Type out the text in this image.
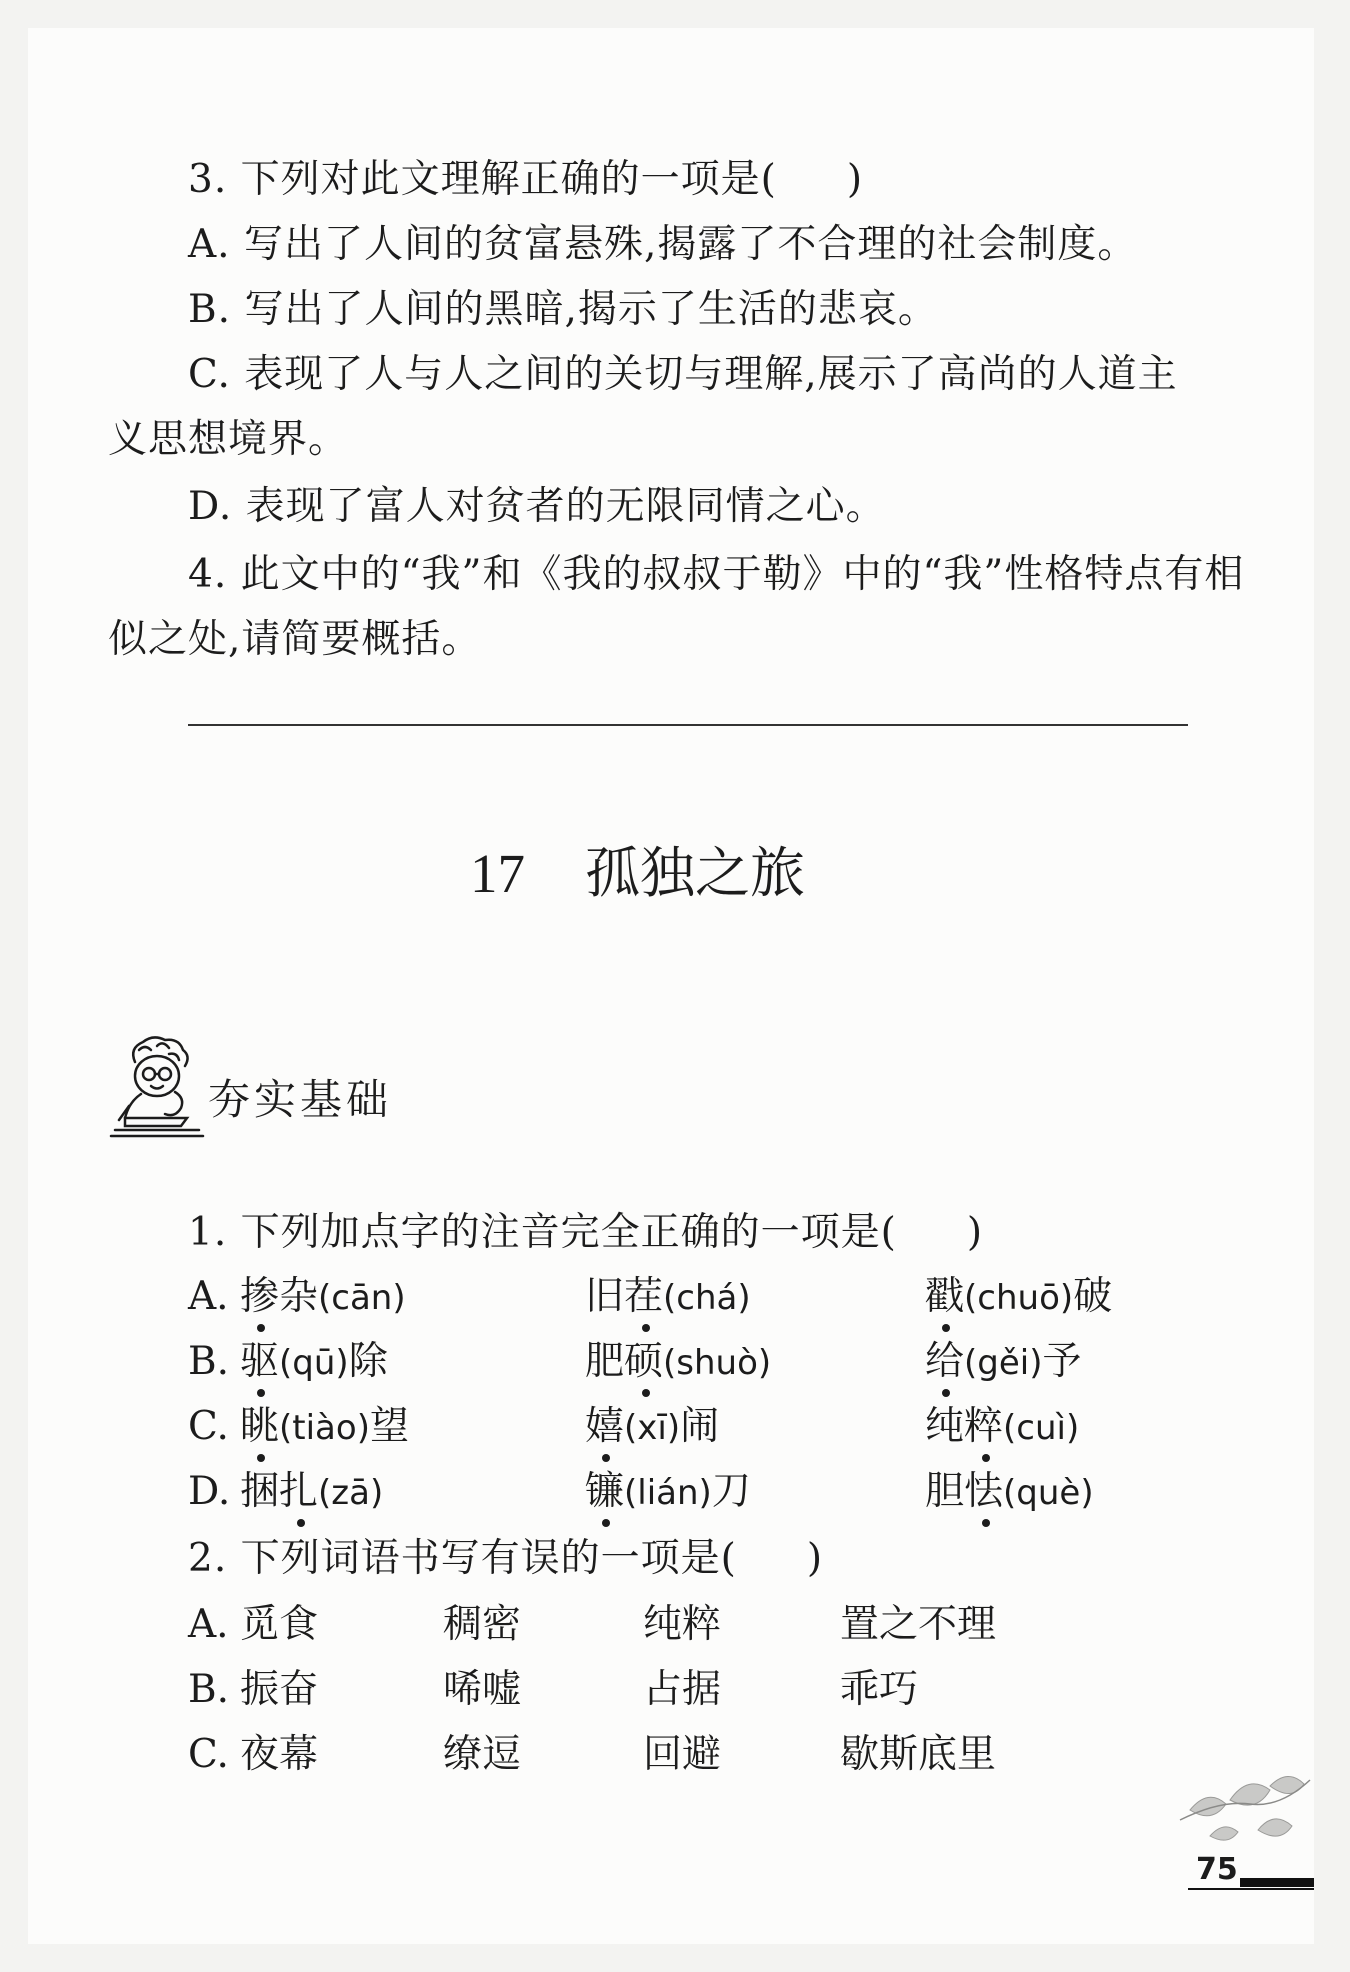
3. 下列对此文理解正确的一项是( )
A. 写出了人间的贫富悬殊,揭露了不合理的社会制度。
B. 写出了人间的黑暗,揭示了生活的悲哀。
C. 表现了人与人之间的关切与理解,展示了高尚的人道主
义思想境界。
D. 表现了富人对贫者的无限同情之心。
4. 此文中的“我”和《我的叔叔于勒》中的“我”性格特点有相
似之处,请简要概括。
17 孤独之旅
夯实基础
1. 下列加点字的注音完全正确的一项是( )
A. 掺杂(cān)	旧茬(chá)	戳(chuō)破
B. 驱(qū)除	肥硕(shuò)	给(gěi)予
C. 眺(tiào)望	嬉(xī)闹	纯粹(cuì)
D. 捆扎(zā)	镰(lián)刀	胆怯(què)
2. 下列词语书写有误的一项是( )
A. 觅食	稠密	纯粹	置之不理
B. 振奋	唏嘘	占据	乖巧
C. 夜幕	缭逗	回避	歇斯底里
75
